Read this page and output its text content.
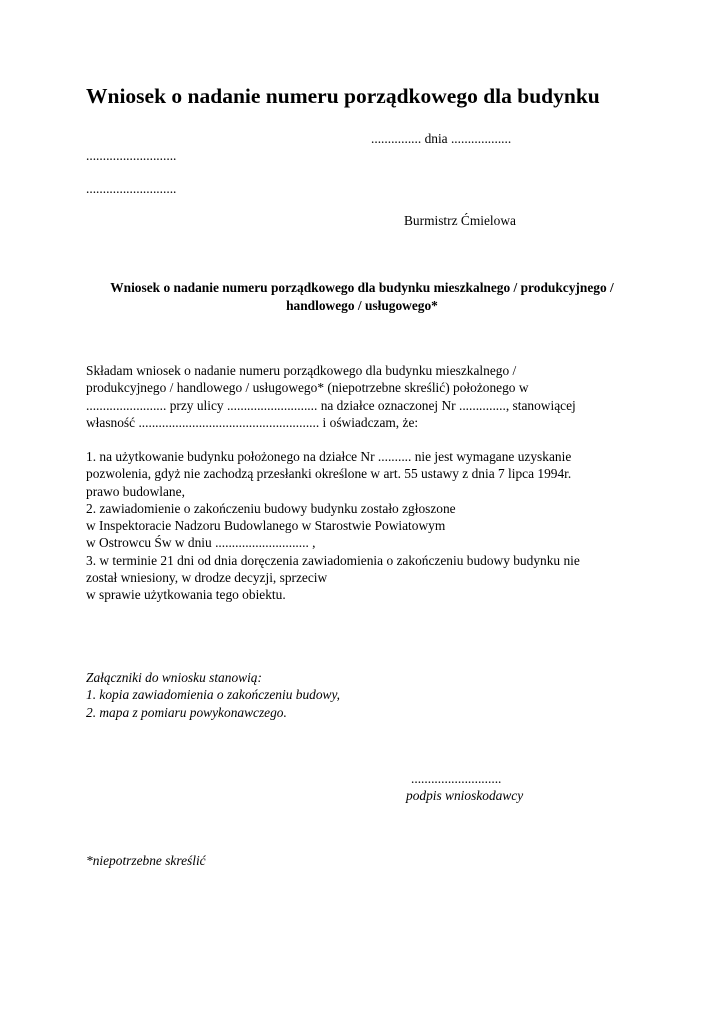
Wniosek o nadanie numeru porządkowego dla budynku
............... dnia ..................
...........................
...........................
Burmistrz Ćmielowa
Wniosek o nadanie numeru porządkowego dla budynku mieszkalnego / produkcyjnego /
handlowego / usługowego*
Składam wniosek o nadanie numeru porządkowego dla budynku mieszkalnego /
produkcyjnego / handlowego / usługowego* (niepotrzebne skreślić) położonego w
........................ przy ulicy ........................... na działce oznaczonej Nr .............., stanowiącej
własność ...................................................... i oświadczam, że:
1. na użytkowanie budynku położonego na działce Nr .......... nie jest wymagane uzyskanie
pozwolenia, gdyż nie zachodzą przesłanki określone w art. 55 ustawy z dnia 7 lipca 1994r.
prawo budowlane,
2. zawiadomienie o zakończeniu budowy budynku zostało zgłoszone
w Inspektoracie Nadzoru Budowlanego w Starostwie Powiatowym
w Ostrowcu Św w dniu ............................ ,
3. w terminie 21 dni od dnia doręczenia zawiadomienia o zakończeniu budowy budynku nie
został wniesiony, w drodze decyzji, sprzeciw
w sprawie użytkowania tego obiektu.
Załączniki do wniosku stanowią:
1. kopia zawiadomienia o zakończeniu budowy,
2. mapa z pomiaru powykonawczego.
...........................
podpis wnioskodawcy
*niepotrzebne skreślić
